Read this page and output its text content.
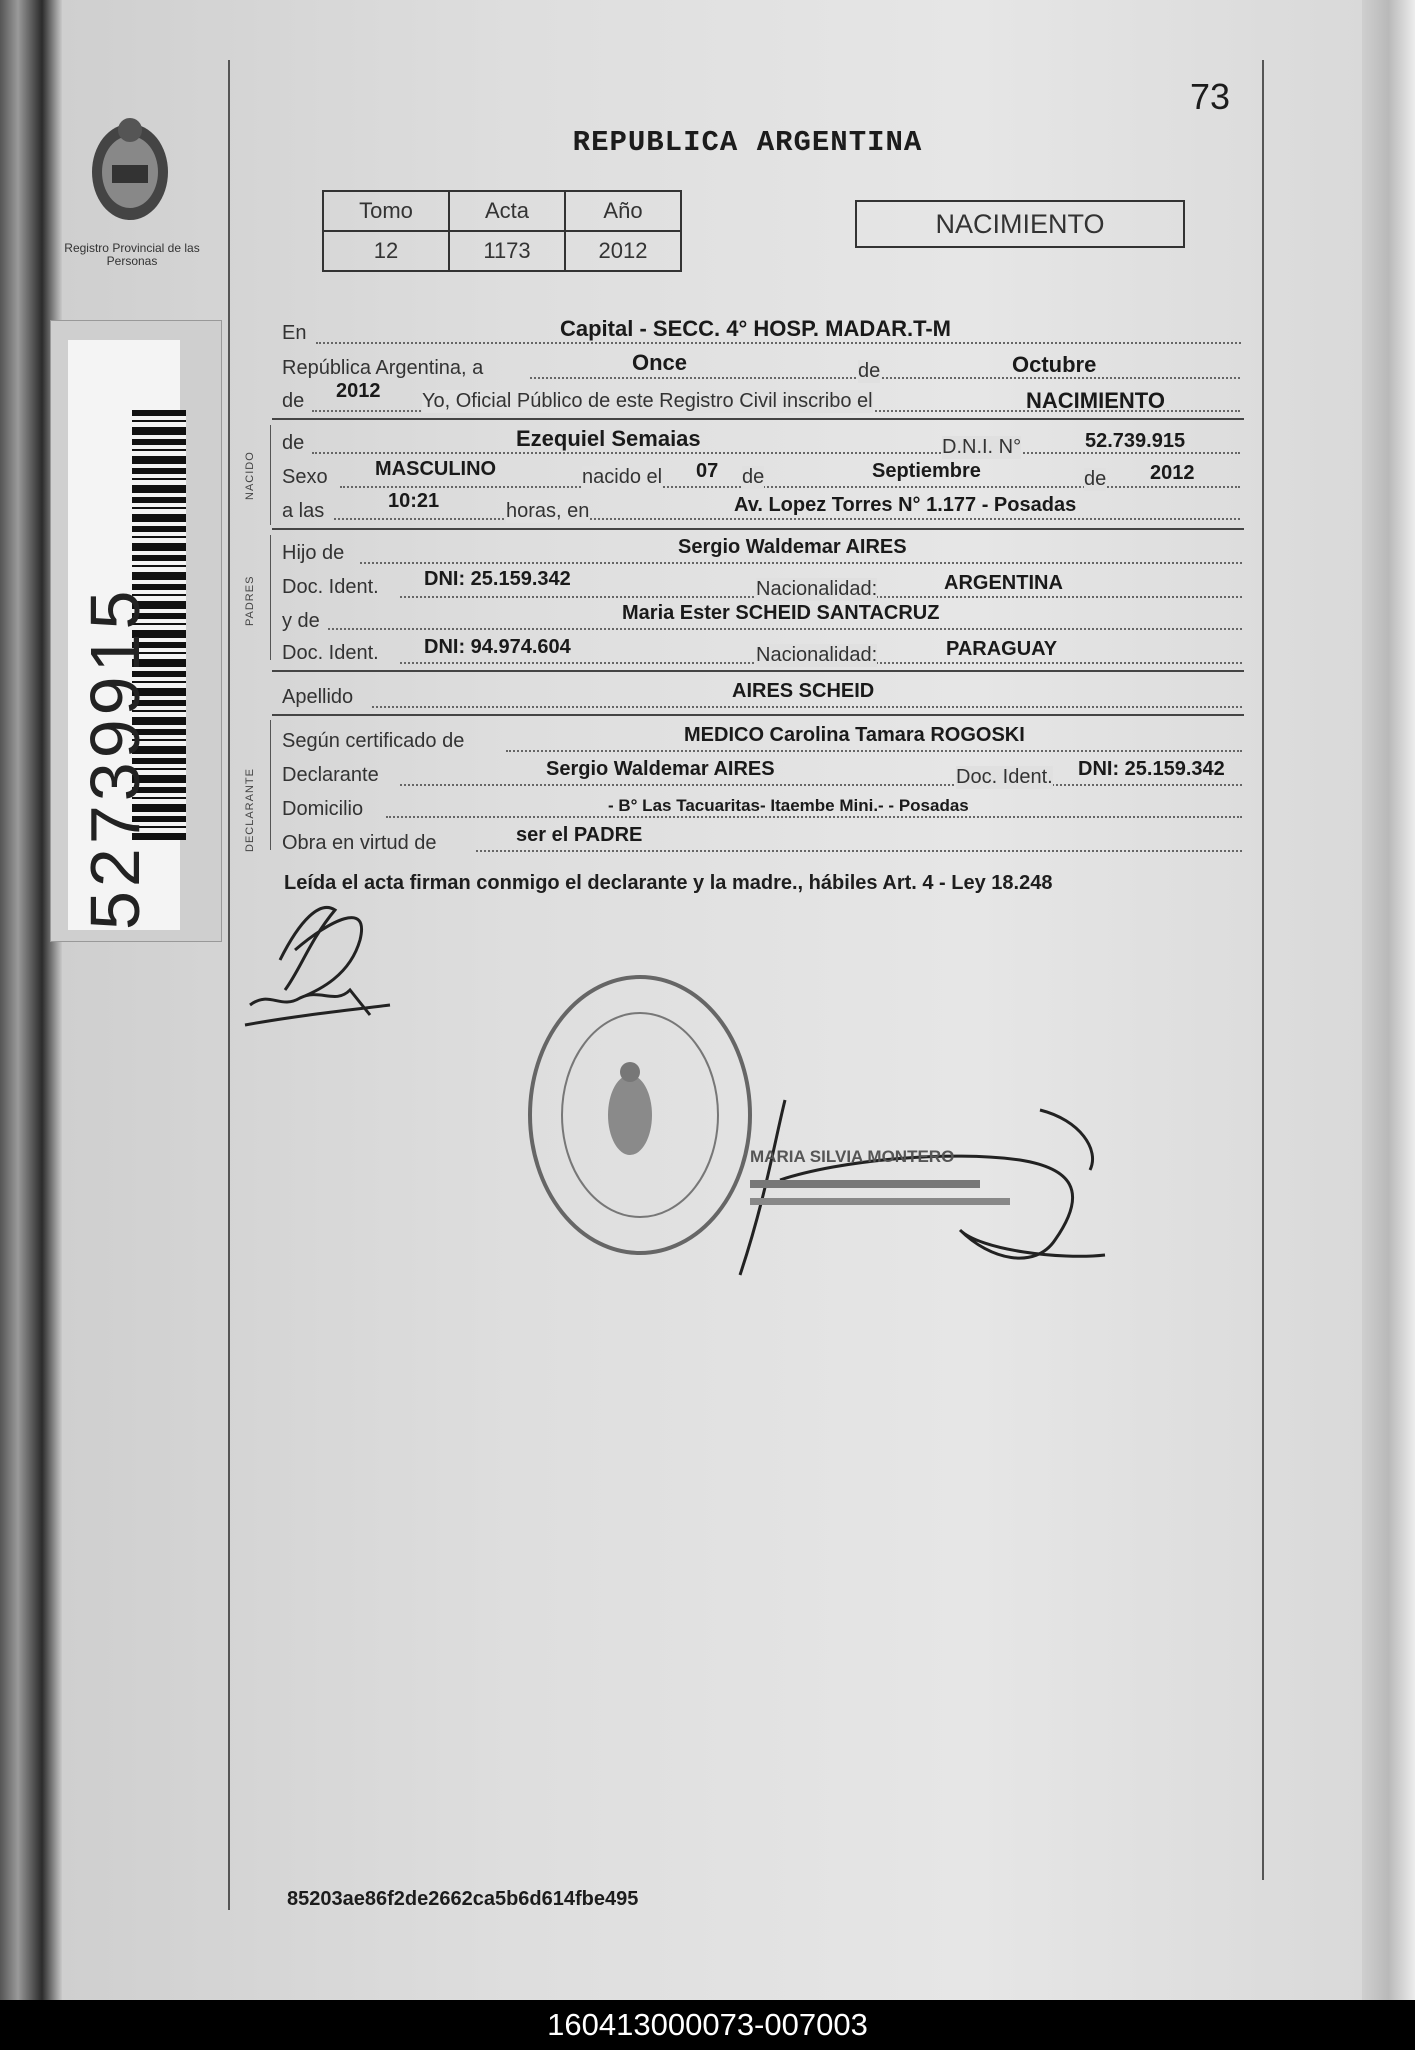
Registro Provincial de las Personas
52739915
73
REPUBLICA ARGENTINA
Tomo	Acta	Año
12	1173	2012
NACIMIENTO
En	Capital - SECC. 4° HOSP. MADAR.T-M
República Argentina, a	Once	de	Octubre
de 2012 Yo, Oficial Público de este Registro Civil inscribo el	NACIMIENTO
NACIDO
de	Ezequiel Semaias	D.N.I. N°	52.739.915
Sexo MASCULINO	nacido el 07 de	Septiembre	de 2012
a las	10:21	horas, en	Av. Lopez Torres N° 1.177 - Posadas
PADRES
Hijo de	Sergio Waldemar AIRES
Doc. Ident. DNI: 25.159.342	Nacionalidad:	ARGENTINA
y de	Maria Ester SCHEID SANTACRUZ
Doc. Ident. DNI: 94.974.604	Nacionalidad:	PARAGUAY
Apellido	AIRES SCHEID
DECLARANTE
Según certificado de	MEDICO Carolina Tamara ROGOSKI
Declarante	Sergio Waldemar AIRES	Doc. Ident. DNI: 25.159.342
Domicilio	- B° Las Tacuaritas- Itaembe Mini.- - Posadas
Obra en virtud de	ser el PADRE
Leída el acta firman conmigo el declarante y la madre., hábiles Art. 4 - Ley 18.248
MARIA SILVIA MONTERO
85203ae86f2de2662ca5b6d614fbe495
160413000073-007003
